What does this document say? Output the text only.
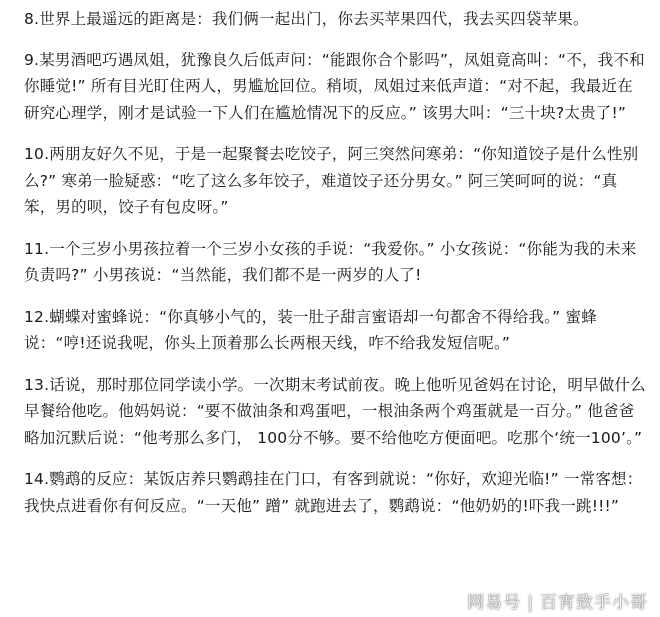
8.世界上最遥远的距离是：我们俩一起出门，你去买苹果四代，我去买四袋苹果。

9.某男酒吧巧遇凤姐，犹豫良久后低声问：“能跟你合个影吗”，凤姐竟高叫：“不，我不和你睡觉!” 所有目光盯住两人，男尴尬回位。稍顷，凤姐过来低声道：“对不起，我最近在研究心理学，刚才是试验一下人们在尴尬情况下的反应。” 该男大叫：“三十块?太贵了!”

10.两朋友好久不见，于是一起聚餐去吃饺子，阿三突然问寒弟：“你知道饺子是什么性别么?” 寒弟一脸疑惑：“吃了这么多年饺子，难道饺子还分男女。” 阿三笑呵呵的说：“真笨，男的呗，饺子有包皮呀。”

11.一个三岁小男孩拉着一个三岁小女孩的手说：“我爱你。” 小女孩说：“你能为我的未来负责吗?” 小男孩说：“当然能，我们都不是一两岁的人了!

12.蝴蝶对蜜蜂说：“你真够小气的，装一肚子甜言蜜语却一句都舍不得给我。” 蜜蜂说：“哼!还说我呢，你头上顶着那么长两根天线，咋不给我发短信呢。”

13.话说，那时那位同学读小学。一次期末考试前夜。晚上他听见爸妈在讨论，明早做什么早餐给他吃。他妈妈说：“要不做油条和鸡蛋吧，一根油条两个鸡蛋就是一百分。” 他爸爸略加沉默后说：“他考那么多门， 100分不够。要不给他吃方便面吧。吃那个‘统一100’。”

14.鹦鹉的反应：某饭店养只鹦鹉挂在门口，有客到就说：“你好，欢迎光临!” 一常客想：我快点进看你有何反应。“一天他” 蹭” 就跑进去了，鹦鹉说：“他奶奶的!吓我一跳!!!”

网易号 | 百宵致手小哥
